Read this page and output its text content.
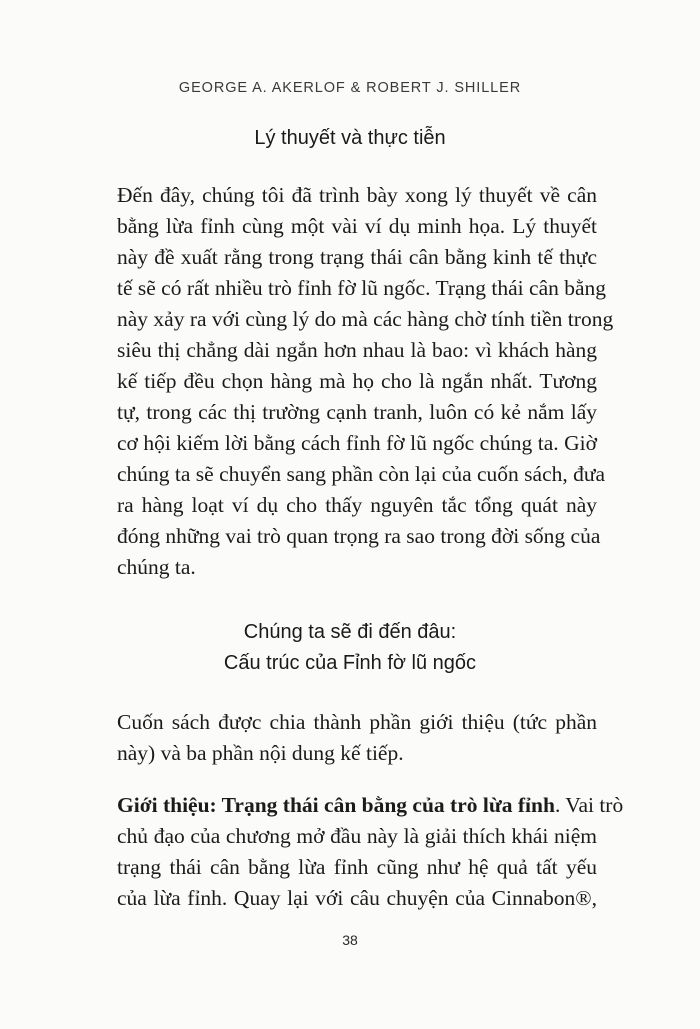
GEORGE A. AKERLOF & ROBERT J. SHILLER
Lý thuyết và thực tiễn

Đến đây, chúng tôi đã trình bày xong lý thuyết về cân
bằng lừa fỉnh cùng một vài ví dụ minh họa. Lý thuyết
này đề xuất rằng trong trạng thái cân bằng kinh tế thực
tế sẽ có rất nhiều trò fỉnh fờ lũ ngốc. Trạng thái cân bằng
này xảy ra với cùng lý do mà các hàng chờ tính tiền trong
siêu thị chẳng dài ngắn hơn nhau là bao: vì khách hàng
kế tiếp đều chọn hàng mà họ cho là ngắn nhất. Tương
tự, trong các thị trường cạnh tranh, luôn có kẻ nắm lấy
cơ hội kiếm lời bằng cách fỉnh fờ lũ ngốc chúng ta. Giờ
chúng ta sẽ chuyển sang phần còn lại của cuốn sách, đưa
ra hàng loạt ví dụ cho thấy nguyên tắc tổng quát này
đóng những vai trò quan trọng ra sao trong đời sống của
chúng ta.

Chúng ta sẽ đi đến đâu:
Cấu trúc của Fỉnh fờ lũ ngốc

Cuốn sách được chia thành phần giới thiệu (tức phần
này) và ba phần nội dung kế tiếp.

Giới thiệu: Trạng thái cân bằng của trò lừa fỉnh. Vai trò
chủ đạo của chương mở đầu này là giải thích khái niệm
trạng thái cân bằng lừa fỉnh cũng như hệ quả tất yếu
của lừa fỉnh. Quay lại với câu chuyện của Cinnabon®,

38
